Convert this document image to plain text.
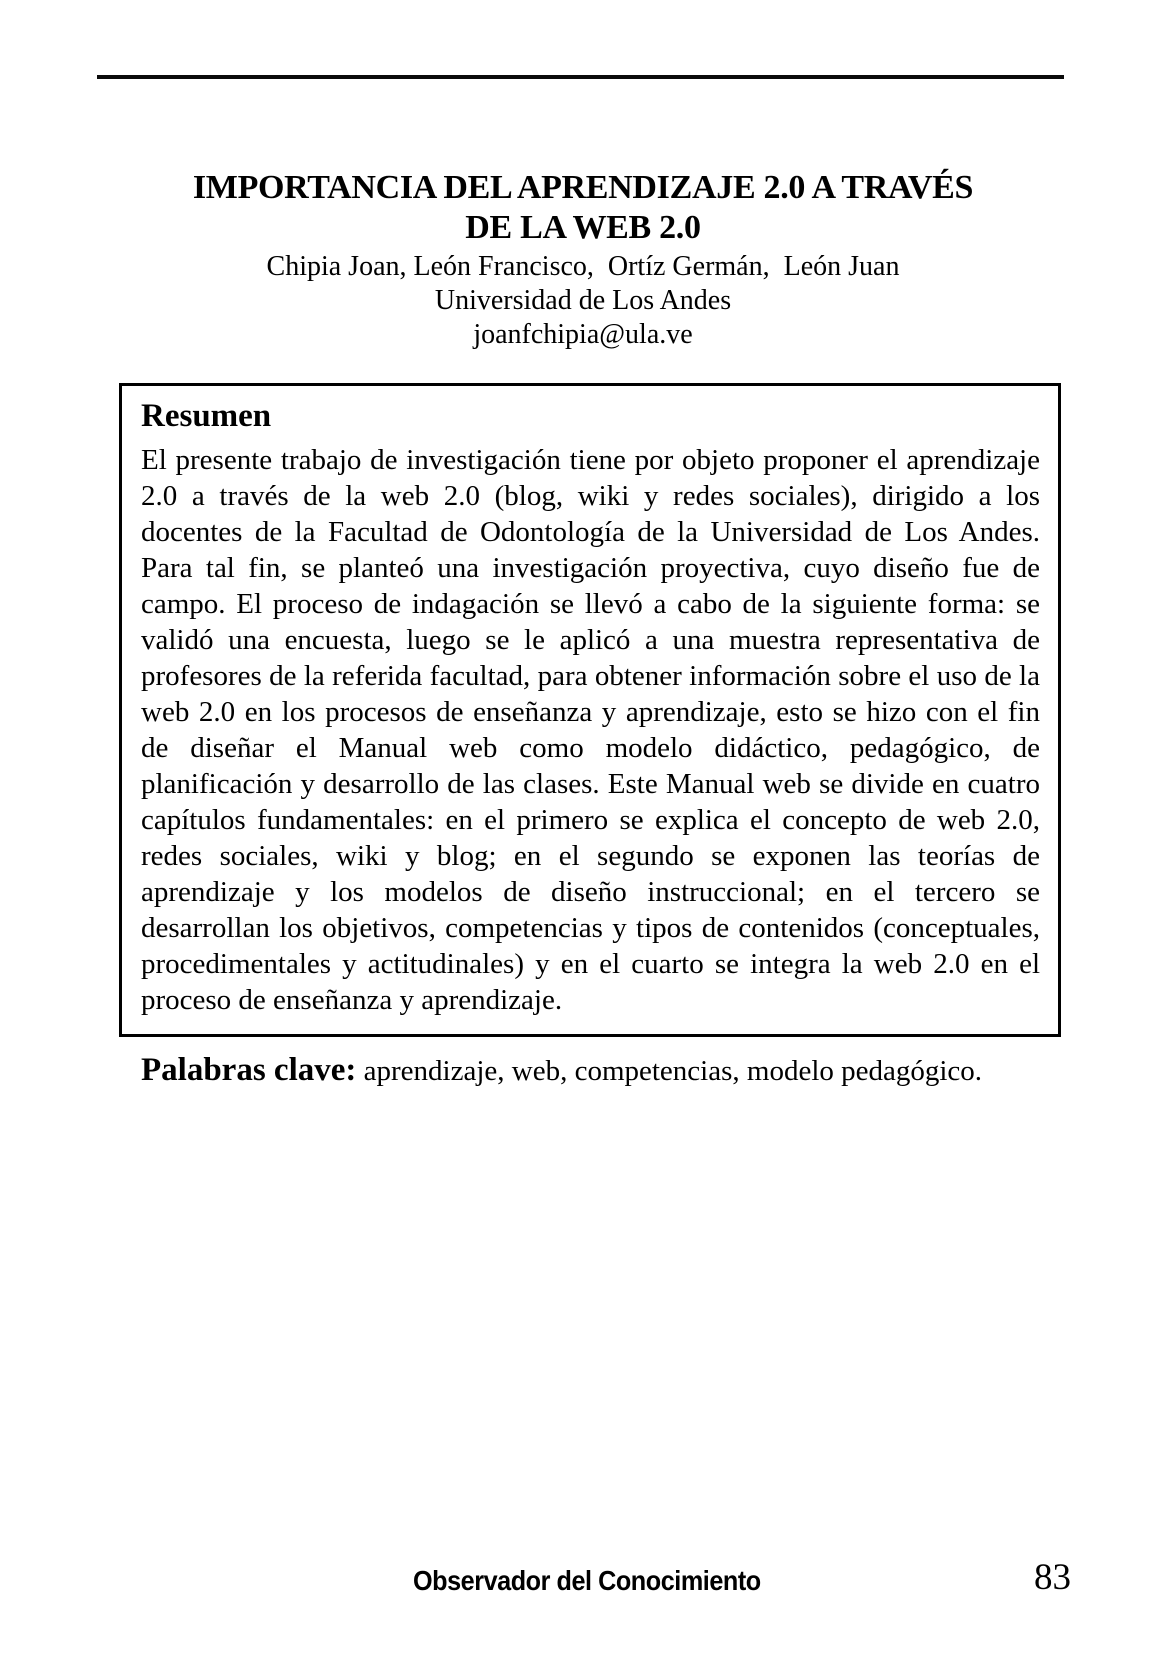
IMPORTANCIA DEL APRENDIZAJE 2.0 A TRAVÉS
DE LA WEB 2.0
Chipia Joan, León Francisco,  Ortíz Germán,  León Juan
Universidad de Los Andes
joanfchipia@ula.ve
Resumen

El presente trabajo de investigación tiene por objeto proponer el aprendizaje 2.0 a través de la web 2.0 (blog, wiki y redes sociales), dirigido a los docentes de la Facultad de Odontología de la Universidad de Los Andes. Para tal fin, se planteó una investigación proyectiva, cuyo diseño fue de campo. El proceso de indagación se llevó a cabo de la siguiente forma: se validó una encuesta, luego se le aplicó a una muestra representativa de profesores de la referida facultad, para obtener información sobre el uso de la web 2.0 en los procesos de enseñanza y aprendizaje, esto se hizo con el fin de diseñar el Manual web como modelo didáctico, pedagógico, de planificación y desarrollo de las clases. Este Manual web se divide en cuatro capítulos fundamentales: en el primero se explica el concepto de web 2.0, redes sociales, wiki y blog; en el segundo se exponen las teorías de aprendizaje y los modelos de diseño instruccional; en el tercero se desarrollan los objetivos, competencias y tipos de contenidos (conceptuales, procedimentales y actitudinales) y en el cuarto se integra la web 2.0 en el proceso de enseñanza y aprendizaje.

Palabras clave: aprendizaje, web, competencias, modelo pedagógico.

Observador del Conocimiento	83
